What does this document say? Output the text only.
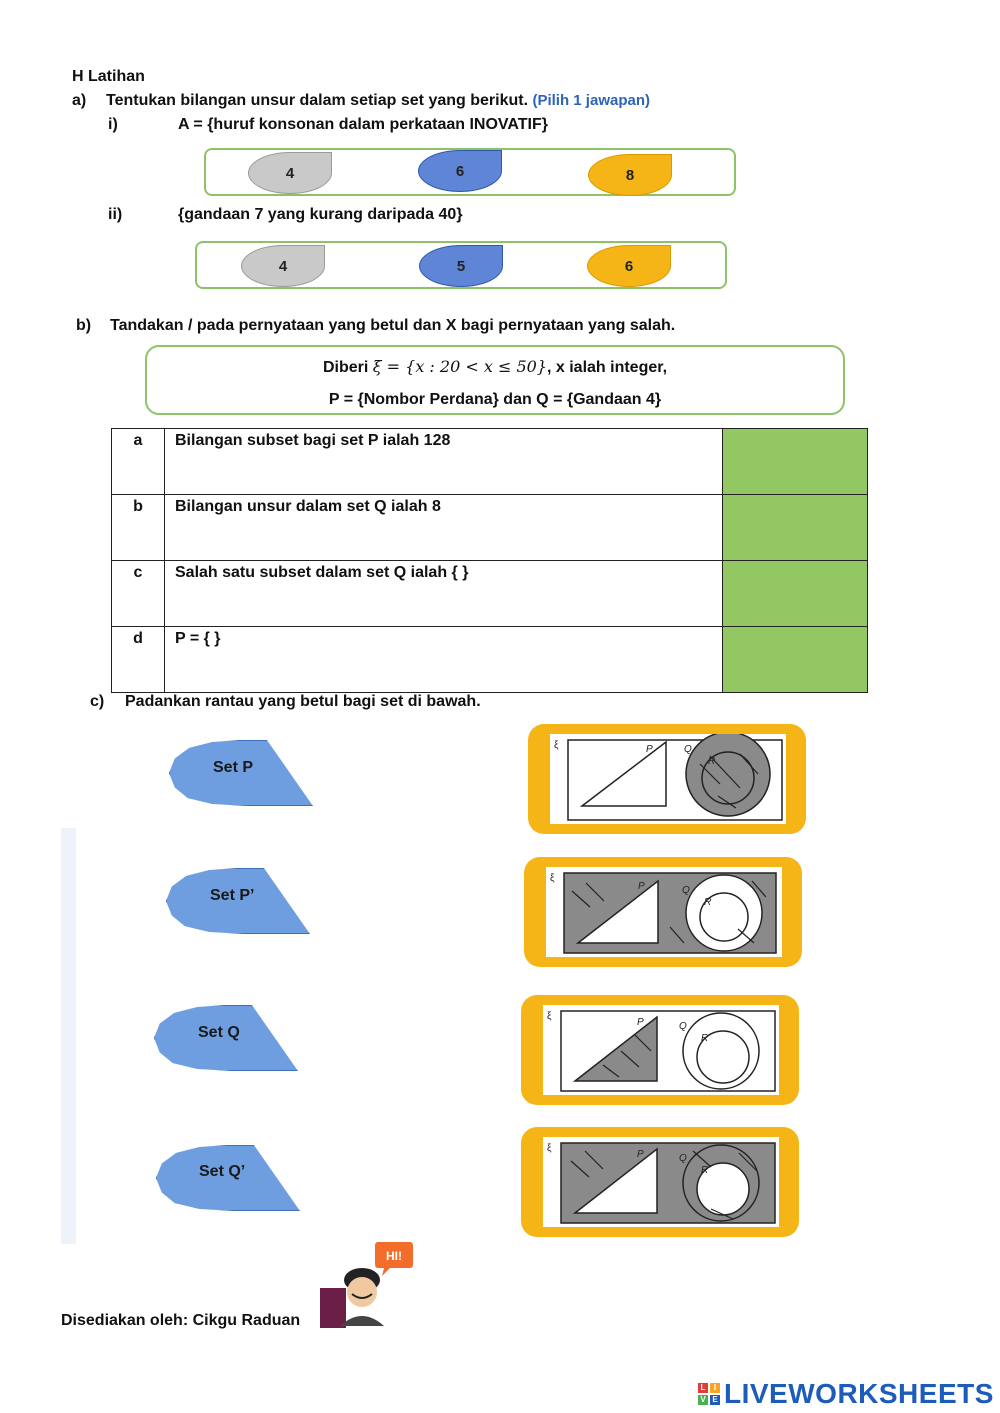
H Latihan
a) Tentukan bilangan unsur dalam setiap set yang berikut. (Pilih 1 jawapan)
i)	A = {huruf konsonan dalam perkataan INOVATIF}
4	6	8
ii)	{gandaan 7 yang kurang daripada 40}
4	5	6
b) Tandakan / pada pernyataan yang betul dan X bagi pernyataan yang salah.
Diberi ξ = {x : 20 < x ≤ 50}, x ialah integer,
P = {Nombor Perdana} dan Q = {Gandaan 4}
a	Bilangan subset bagi set P ialah 128	
b	Bilangan unsur dalam set Q ialah 8	
c	Salah satu subset dalam set Q ialah { }	
d	P = { }	
c) Padankan rantau yang betul bagi set di bawah.
Set P
Set P’
Set Q
Set Q’
ξ	P	Q
R
ξ
P	Q
R
ξ
P	Q
R
ξ
P	Q
R
Disediakan oleh: Cikgu Raduan
HI!
L	I
V E LIVEWORKSHEETS
